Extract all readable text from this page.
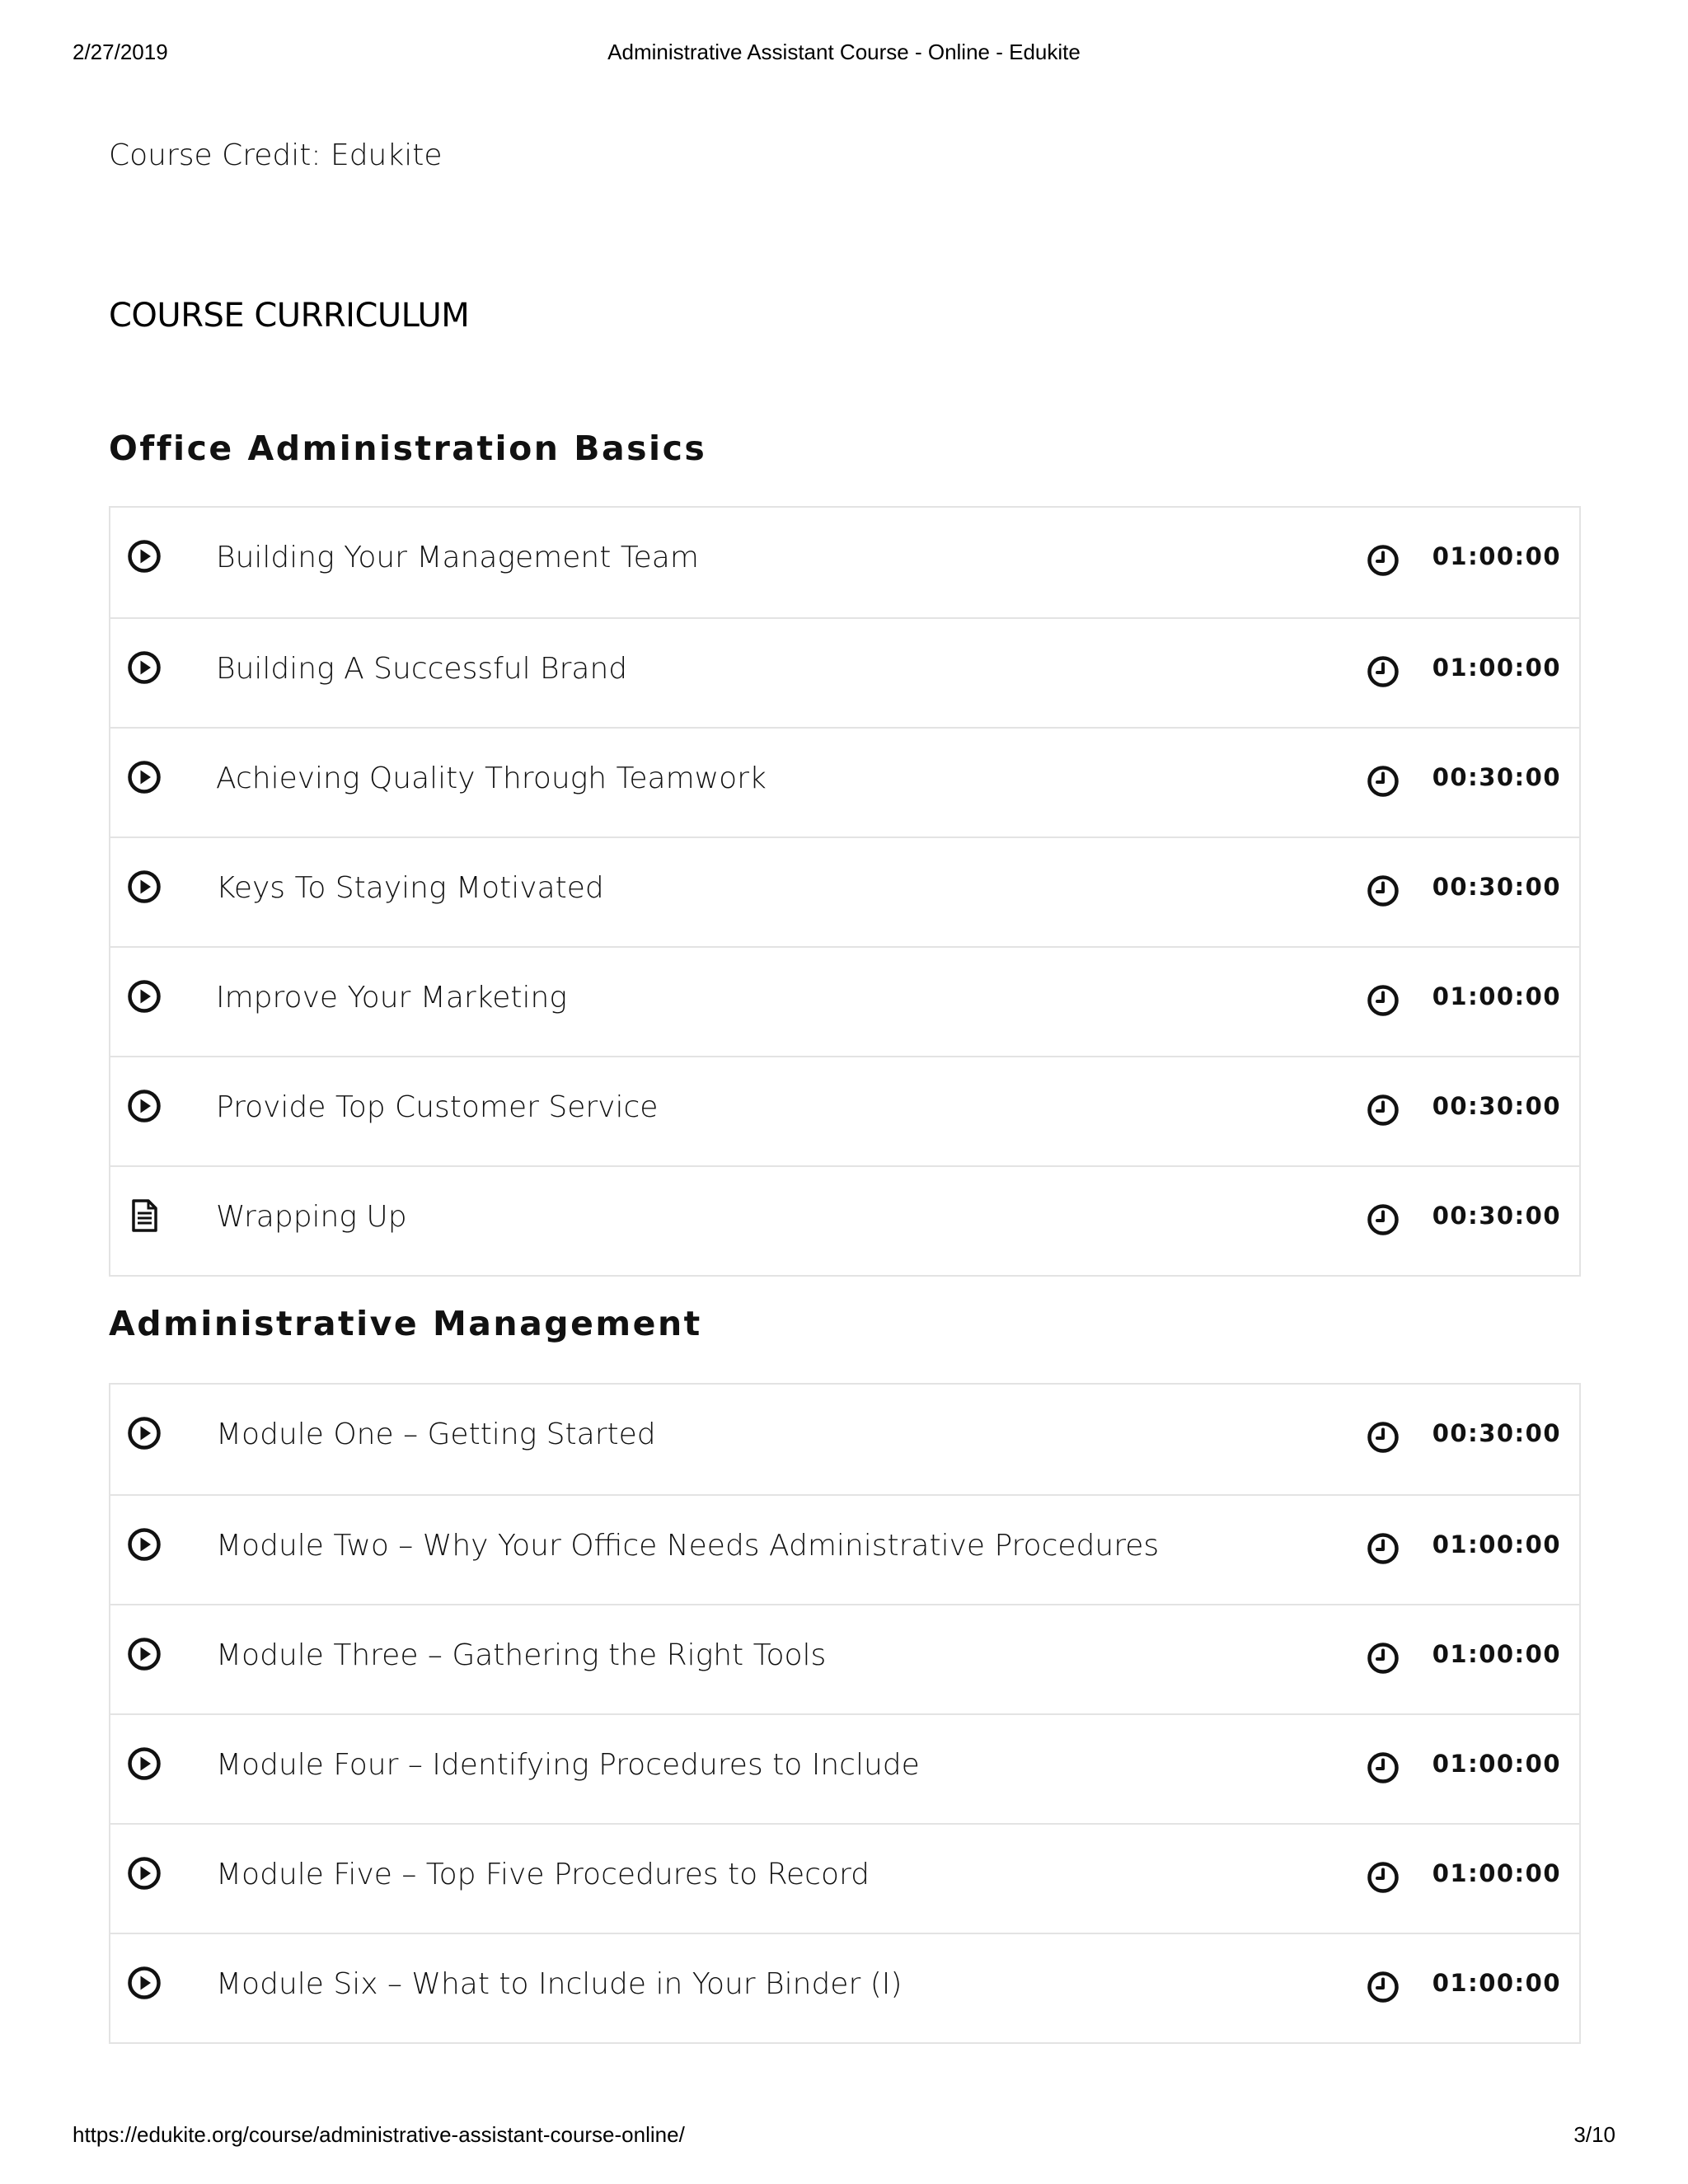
2/27/2019	Administrative Assistant Course - Online - Edukite
Course Credit: Edukite
COURSE CURRICULUM
Office Administration Basics
Building Your Management Team	01:00:00
Building A Successful Brand	01:00:00
Achieving Quality Through Teamwork	00:30:00
Keys To Staying Motivated	00:30:00
Improve Your Marketing	01:00:00
Provide Top Customer Service	00:30:00
Wrapping Up	00:30:00
Administrative Management
Module One – Getting Started	00:30:00
Module Two – Why Your Office Needs Administrative Procedures	01:00:00
Module Three – Gathering the Right Tools	01:00:00
Module Four – Identifying Procedures to Include	01:00:00
Module Five – Top Five Procedures to Record	01:00:00
Module Six – What to Include in Your Binder (I)	01:00:00
https://edukite.org/course/administrative-assistant-course-online/	3/10
